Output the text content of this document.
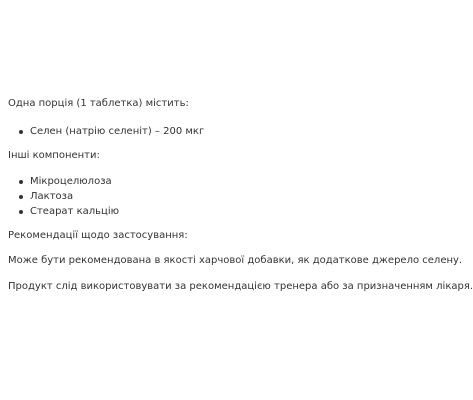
Одна порція (1 таблетка) містить:

Селен (натрію селеніт) – 200 мкг

Інші компоненти:

Мікроцелюлоза
Лактоза
Стеарат кальцію

Рекомендації щодо застосування:

Може бути рекомендована в якості харчової добавки, як додаткове джерело селену.

Продукт слід використовувати за рекомендацією тренера або за призначенням лікаря.
